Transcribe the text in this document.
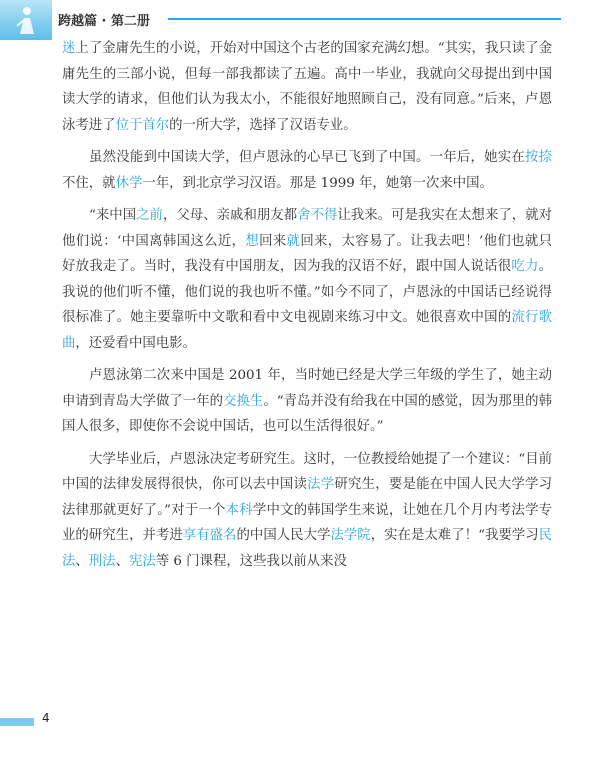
跨越篇 · 第二册

迷上了金庸先生的小说，开始对中国这个古老的国家充满幻想。“其实，我只读了金庸先生的三部小说，但每一部我都读了五遍。高中一毕业，我就向父母提出到中国读大学的请求，但他们认为我太小，不能很好地照顾自己，没有同意。”后来，卢恩泳考进了位于首尔的一所大学，选择了汉语专业。

虽然没能到中国读大学，但卢恩泳的心早已飞到了中国。一年后，她实在按捺不住，就休学一年，到北京学习汉语。那是 1999 年，她第一次来中国。

“来中国之前，父母、亲戚和朋友都舍不得让我来。可是我实在太想来了，就对他们说：‘中国离韩国这么近，想回来就回来，太容易了。让我去吧！’他们也就只好放我走了。当时，我没有中国朋友，因为我的汉语不好，跟中国人说话很吃力。我说的他们听不懂，他们说的我也听不懂。”如今不同了，卢恩泳的中国话已经说得很标准了。她主要靠听中文歌和看中文电视剧来练习中文。她很喜欢中国的流行歌曲，还爱看中国电影。

卢恩泳第二次来中国是 2001 年，当时她已经是大学三年级的学生了，她主动申请到青岛大学做了一年的交换生。“青岛并没有给我在中国的感觉，因为那里的韩国人很多，即使你不会说中国话，也可以生活得很好。”

大学毕业后，卢恩泳决定考研究生。这时，一位教授给她提了一个建议：“目前中国的法律发展得很快，你可以去中国读法学研究生，要是能在中国人民大学学习法律那就更好了。”对于一个本科学中文的韩国学生来说，让她在几个月内考法学专业的研究生，并考进享有盛名的中国人民大学法学院，实在是太难了！“我要学习民法、刑法、宪法等 6 门课程，这些我以前从来没

4
